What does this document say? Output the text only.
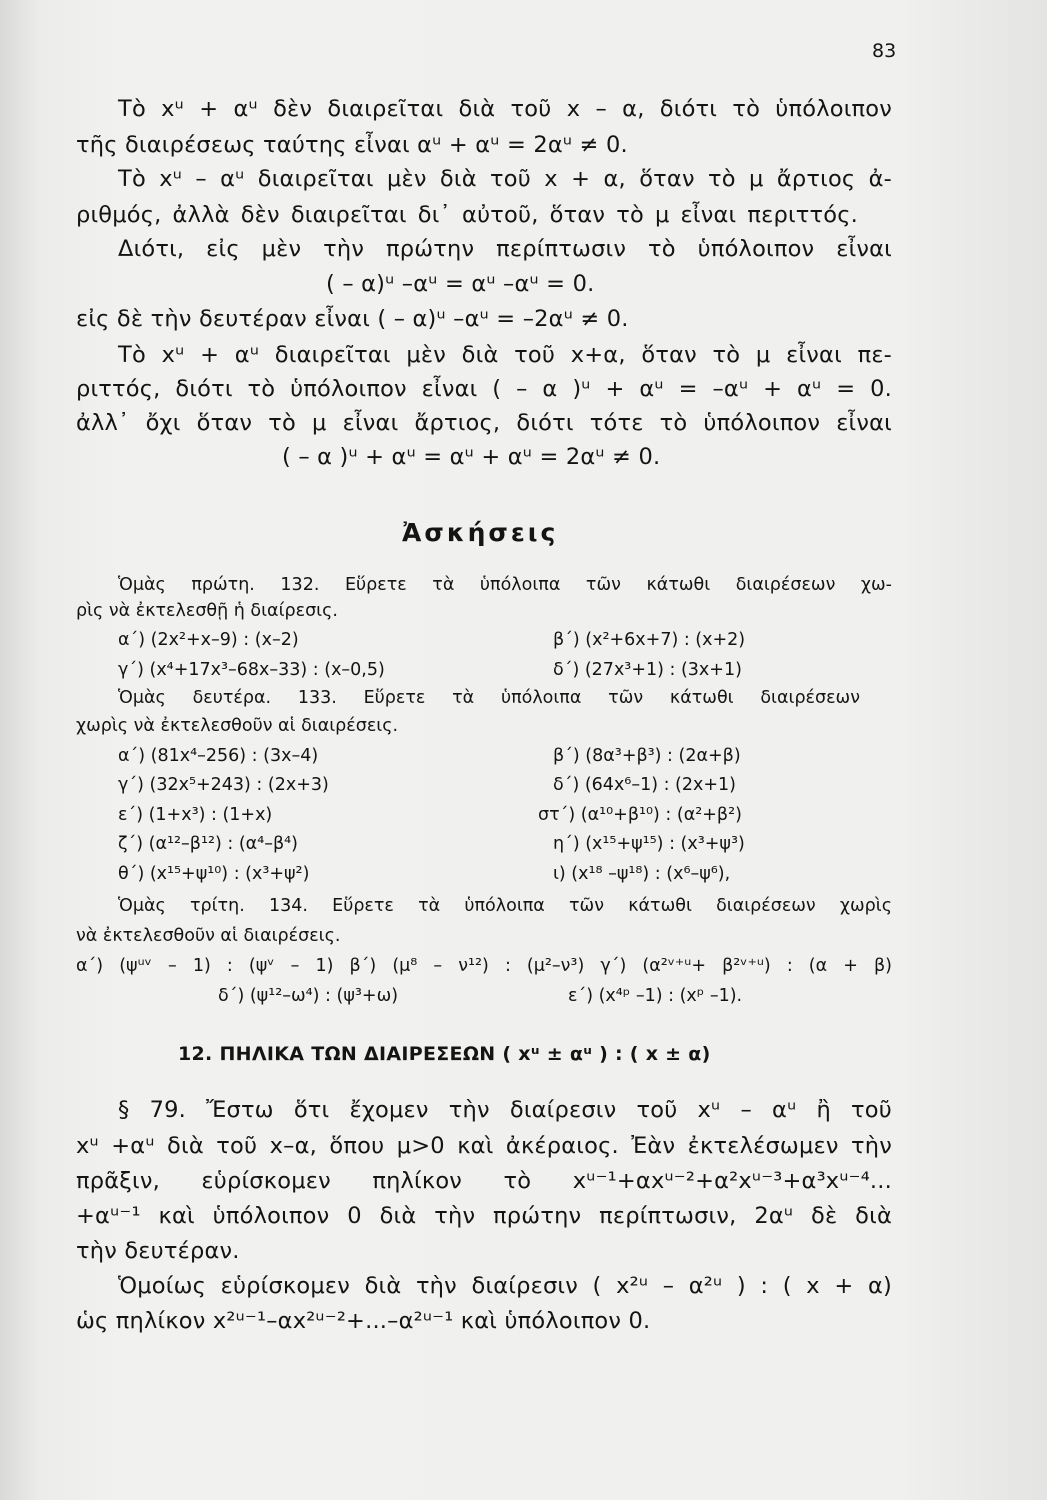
83
Τὸ xᵘ + αᵘ δὲν διαιρεῖται διὰ τοῦ x – α, διότι τὸ ὑπόλοιπον
τῆς διαιρέσεως ταύτης εἶναι αᵘ + αᵘ = 2αᵘ ≠ 0.
Τὸ xᵘ – αᵘ διαιρεῖται μὲν διὰ τοῦ x + α, ὅταν τὸ μ ἄρτιος ἀ-
ριθμός, ἀλλὰ δὲν διαιρεῖται δι᾿ αὐτοῦ, ὅταν τὸ μ εἶναι περιττός.
Διότι, εἰς μὲν τὴν πρώτην περίπτωσιν τὸ ὑπόλοιπον εἶναι
( – α)ᵘ –αᵘ = αᵘ –αᵘ = 0.
εἰς δὲ τὴν δευτέραν εἶναι ( – α)ᵘ –αᵘ = –2αᵘ ≠ 0.
Τὸ xᵘ + αᵘ διαιρεῖται μὲν διὰ τοῦ x+α, ὅταν τὸ μ εἶναι πε-
ριττός, διότι τὸ ὑπόλοιπον εἶναι ( – α )ᵘ + αᵘ = –αᵘ + αᵘ = 0.
ἀλλ᾿ ὄχι ὅταν τὸ μ εἶναι ἄρτιος, διότι τότε τὸ ὑπόλοιπον εἶναι
( – α )ᵘ + αᵘ = αᵘ + αᵘ = 2αᵘ ≠ 0.
Ἀσκήσεις
Ὁμὰς πρώτη. 132. Εὕρετε τὰ ὑπόλοιπα τῶν κάτωθι διαιρέσεων χω-
ρὶς νὰ ἐκτελεσθῇ ἡ διαίρεσις.
α΄) (2x²+x–9) : (x–2)	β΄) (x²+6x+7) : (x+2)
γ΄) (x⁴+17x³–68x–33) : (x–0,5)	δ΄) (27x³+1) : (3x+1)
Ὁμὰς δευτέρα. 133. Εὕρετε τὰ ὑπόλοιπα τῶν κάτωθι διαιρέσεων
χωρὶς νὰ ἐκτελεσθοῦν αἱ διαιρέσεις.
α΄) (81x⁴–256) : (3x–4)	β΄) (8α³+β³) : (2α+β)
γ΄) (32x⁵+243) : (2x+3)	δ΄) (64x⁶–1) : (2x+1)
ε΄) (1+x³) : (1+x)	στ΄) (α¹⁰+β¹⁰) : (α²+β²)
ζ΄) (α¹²–β¹²) : (α⁴–β⁴)	η΄) (x¹⁵+ψ¹⁵) : (x³+ψ³)
θ΄) (x¹⁵+ψ¹⁰) : (x³+ψ²)	ι) (x¹⁸ –ψ¹⁸) : (x⁶–ψ⁶),
Ὁμὰς τρίτη. 134. Εὕρετε τὰ ὑπόλοιπα τῶν κάτωθι διαιρέσεων χωρὶς
νὰ ἐκτελεσθοῦν αἱ διαιρέσεις.
α΄) (ψᵘᵛ – 1) : (ψᵛ – 1) β΄) (μ⁸ – ν¹²) : (μ²–ν³) γ΄) (α²ᵛ⁺ᵘ+ β²ᵛ⁺ᵘ) : (α + β)
δ΄) (ψ¹²–ω⁴) : (ψ³+ω)	ε΄) (x⁴ᵖ –1) : (xᵖ –1).
12. ΠΗΛΙΚΑ ΤΩΝ ΔΙΑΙΡΕΣΕΩΝ ( xᵘ ± αᵘ ) : ( x ± α)
§ 79. Ἔστω ὅτι ἔχομεν τὴν διαίρεσιν τοῦ xᵘ – αᵘ ἢ τοῦ
xᵘ +αᵘ διὰ τοῦ x–α, ὅπου μ>0 καὶ ἀκέραιος. Ἐὰν ἐκτελέσωμεν τὴν
πρᾶξιν, εὑρίσκομεν πηλίκον τὸ xᵘ⁻¹+αxᵘ⁻²+α²xᵘ⁻³+α³xᵘ⁻⁴...
+αᵘ⁻¹ καὶ ὑπόλοιπον 0 διὰ τὴν πρώτην περίπτωσιν, 2αᵘ δὲ διὰ
τὴν δευτέραν.
Ὁμοίως εὑρίσκομεν διὰ τὴν διαίρεσιν ( x²ᵘ – α²ᵘ ) : ( x + α)
ὡς πηλίκον x²ᵘ⁻¹–αx²ᵘ⁻²+...–α²ᵘ⁻¹ καὶ ὑπόλοιπον 0.
